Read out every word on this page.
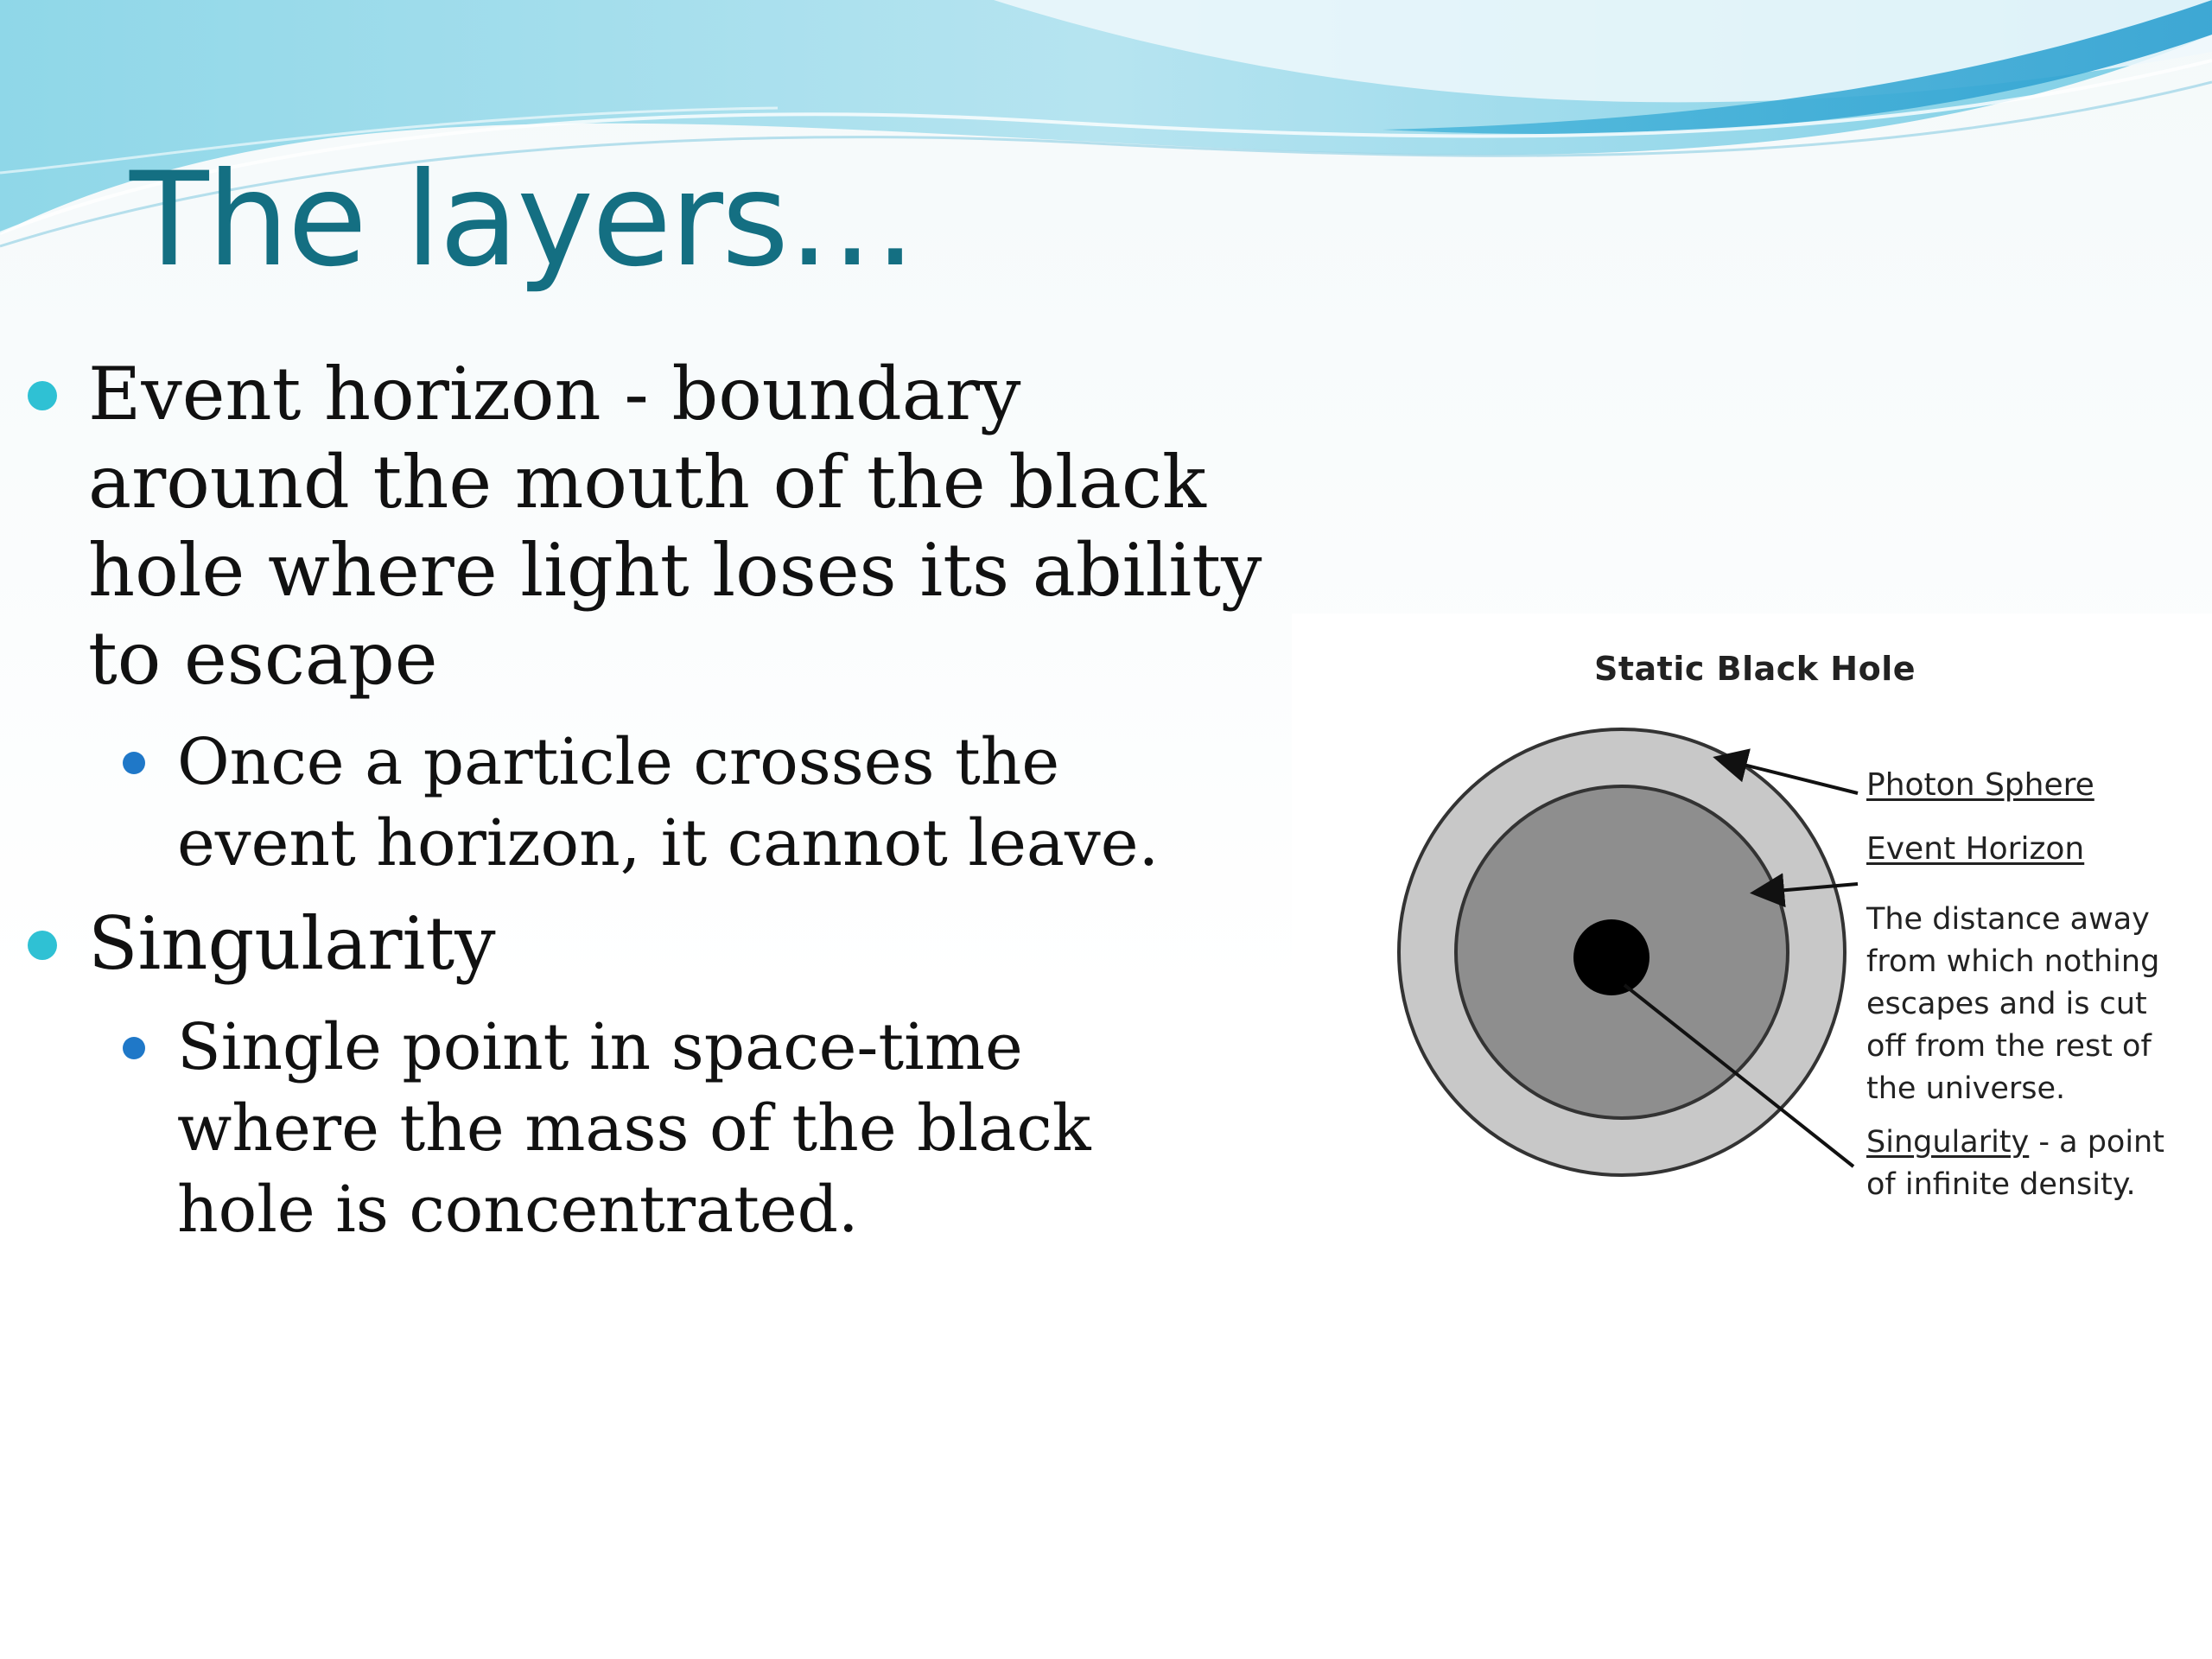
The layers…
Event horizon - boundary around the mouth of the black hole where light loses its ability to escape
Once a particle crosses the event horizon, it cannot leave.
Singularity
Single point in space-time where the mass of the black hole is concentrated.
Static Black Hole
Photon Sphere
Event Horizon
The distance away from which nothing escapes and is cut off from the rest of the universe.
Singularity - a point of infinite density.
